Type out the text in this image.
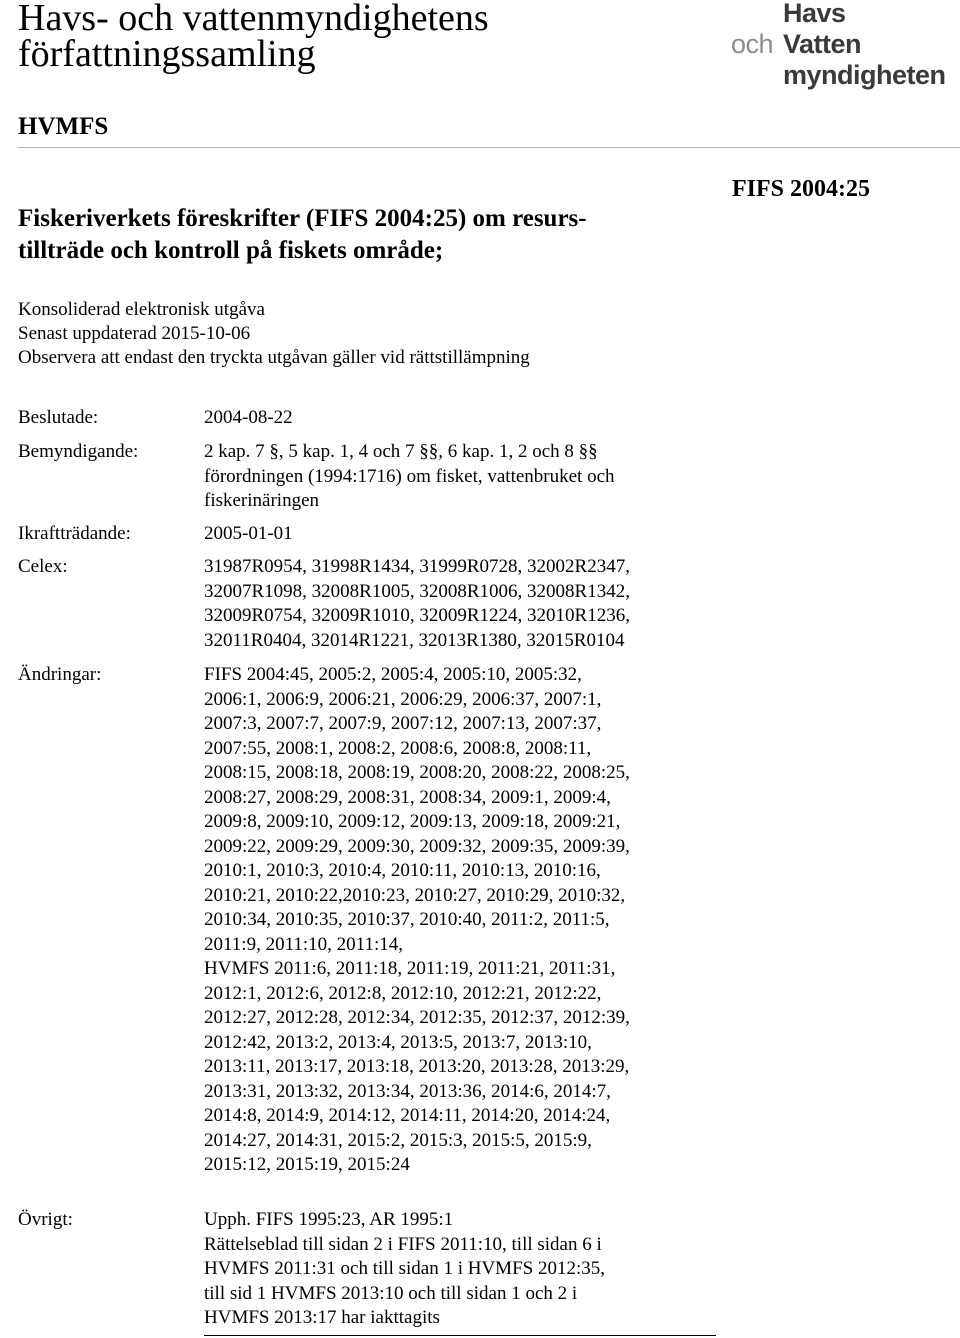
Havs- och vattenmyndighetens
författningssamling
Havs
och Vatten
myndigheten
HVMFS
FIFS 2004:25
Fiskeriverkets föreskrifter (FIFS 2004:25) om resurs-
tillträde och kontroll på fiskets område;
Konsoliderad elektronisk utgåva
Senast uppdaterad 2015-10-06
Observera att endast den tryckta utgåvan gäller vid rättstillämpning
Beslutade:	2004-08-22
Bemyndigande:	2 kap. 7 §, 5 kap. 1, 4 och 7 §§, 6 kap. 1, 2 och 8 §§
förordningen (1994:1716) om fisket, vattenbruket och
fiskerinäringen
Ikraftträdande:	2005-01-01
Celex:	31987R0954, 31998R1434, 31999R0728, 32002R2347,
32007R1098, 32008R1005, 32008R1006, 32008R1342,
32009R0754, 32009R1010, 32009R1224, 32010R1236,
32011R0404, 32014R1221, 32013R1380, 32015R0104
Ändringar:	FIFS 2004:45, 2005:2, 2005:4, 2005:10, 2005:32,
2006:1, 2006:9, 2006:21, 2006:29, 2006:37, 2007:1,
2007:3, 2007:7, 2007:9, 2007:12, 2007:13, 2007:37,
2007:55, 2008:1, 2008:2, 2008:6, 2008:8, 2008:11,
2008:15, 2008:18, 2008:19, 2008:20, 2008:22, 2008:25,
2008:27, 2008:29, 2008:31, 2008:34, 2009:1, 2009:4,
2009:8, 2009:10, 2009:12, 2009:13, 2009:18, 2009:21,
2009:22, 2009:29, 2009:30, 2009:32, 2009:35, 2009:39,
2010:1, 2010:3, 2010:4, 2010:11, 2010:13, 2010:16,
2010:21, 2010:22,2010:23, 2010:27, 2010:29, 2010:32,
2010:34, 2010:35, 2010:37, 2010:40, 2011:2, 2011:5,
2011:9, 2011:10, 2011:14,
HVMFS 2011:6, 2011:18, 2011:19, 2011:21, 2011:31,
2012:1, 2012:6, 2012:8, 2012:10, 2012:21, 2012:22,
2012:27, 2012:28, 2012:34, 2012:35, 2012:37, 2012:39,
2012:42, 2013:2, 2013:4, 2013:5, 2013:7, 2013:10,
2013:11, 2013:17, 2013:18, 2013:20, 2013:28, 2013:29,
2013:31, 2013:32, 2013:34, 2013:36, 2014:6, 2014:7,
2014:8, 2014:9, 2014:12, 2014:11, 2014:20, 2014:24,
2014:27, 2014:31, 2015:2, 2015:3, 2015:5, 2015:9,
2015:12, 2015:19, 2015:24
Övrigt:	Upph. FIFS 1995:23, AR 1995:1
Rättelseblad till sidan 2 i FIFS 2011:10, till sidan 6 i
HVMFS 2011:31 och till sidan 1 i HVMFS 2012:35,
till sid 1 HVMFS 2013:10 och till sidan 1 och 2 i
HVMFS 2013:17 har iakttagits
